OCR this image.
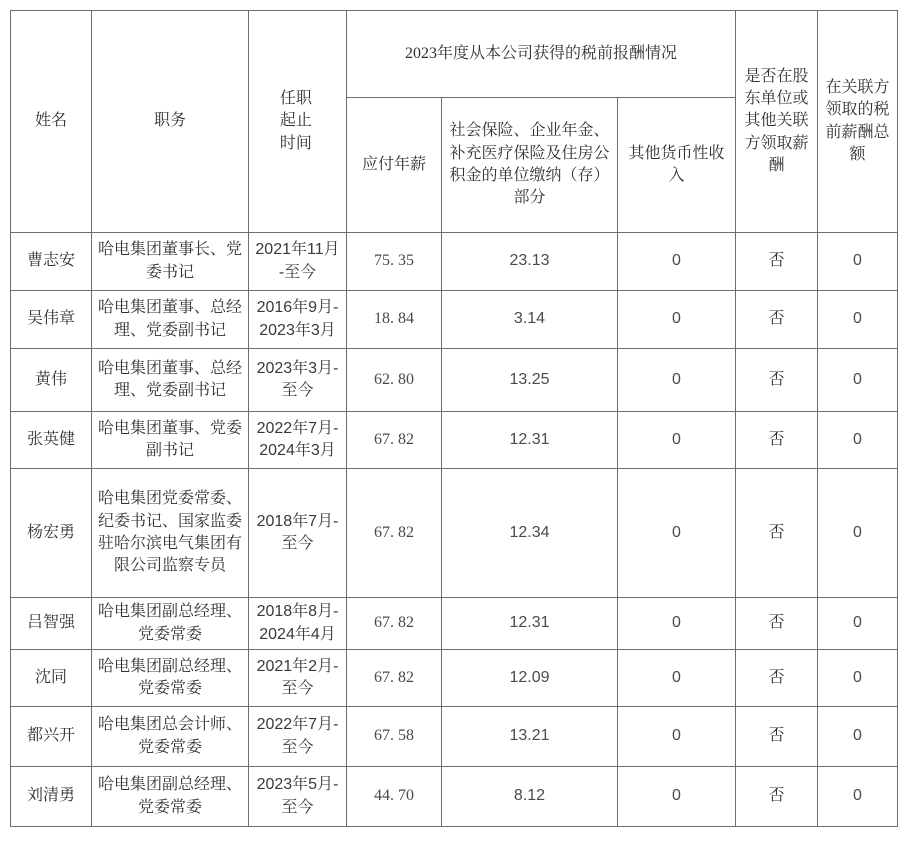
姓名	职务	任职起止时间	2023年度从本公司获得的税前报酬情况			是否在股东单位或其他关联方领取薪酬	在关联方领取的税前薪酬总额
			应付年薪	社会保险、企业年金、补充医疗保险及住房公积金的单位缴纳（存）部分	其他货币性收入		
曹志安	哈电集团董事长、党委书记	2021年11月-至今	75. 35	23.13	0	否	0
吴伟章	哈电集团董事、总经理、党委副书记	2016年9月-2023年3月	18. 84	3.14	0	否	0
黄伟	哈电集团董事、总经理、党委副书记	2023年3月-至今	62. 80	13.25	0	否	0
张英健	哈电集团董事、党委副书记	2022年7月-2024年3月	67. 82	12.31	0	否	0
杨宏勇	哈电集团党委常委、纪委书记、国家监委驻哈尔滨电气集团有限公司监察专员	2018年7月-至今	67. 82	12.34	0	否	0
吕智强	哈电集团副总经理、党委常委	2018年8月-2024年4月	67. 82	12.31	0	否	0
沈同	哈电集团副总经理、党委常委	2021年2月-至今	67. 82	12.09	0	否	0
都兴开	哈电集团总会计师、党委常委	2022年7月-至今	67. 58	13.21	0	否	0
刘清勇	哈电集团副总经理、党委常委	2023年5月-至今	44. 70	8.12	0	否	0
